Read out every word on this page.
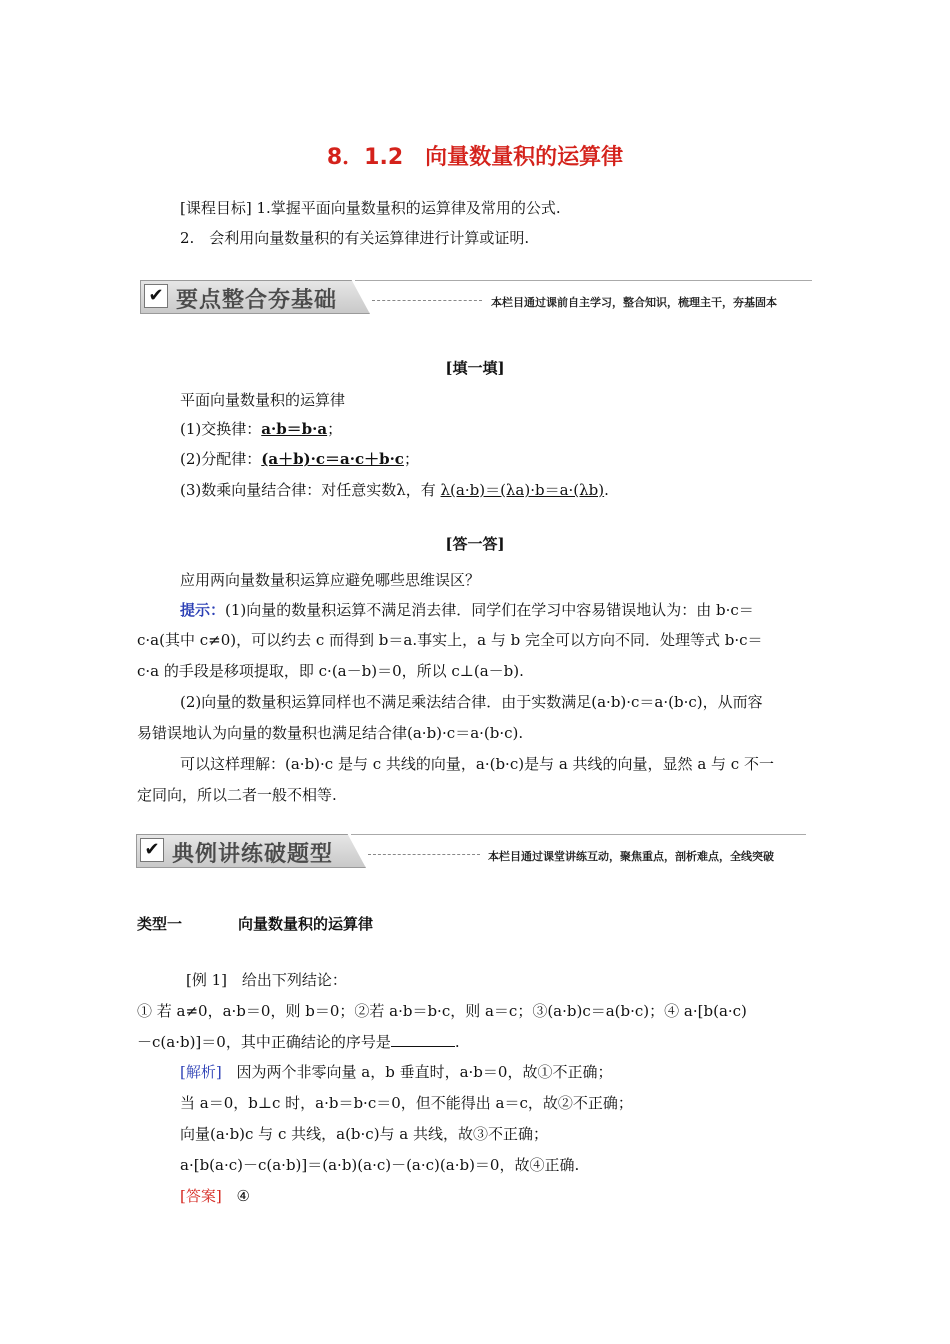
8．1.2　向量数量积的运算律
[课程目标] 1.掌握平面向量数量积的运算律及常用的公式.
2.　会利用向量数量积的有关运算律进行计算或证明.
✔ 要点整合夯基础	本栏目通过课前自主学习，整合知识，梳理主干，夯基固本
[填一填]
平面向量数量积的运算律
(1)交换律：a·b＝b·a；
(2)分配律：(a＋b)·c＝a·c＋b·c；
(3)数乘向量结合律：对任意实数λ，有 λ(a·b)＝(λa)·b＝a·(λb).
[答一答]
应用两向量数量积运算应避免哪些思维误区？
提示：(1)向量的数量积运算不满足消去律．同学们在学习中容易错误地认为：由 b·c＝
c·a(其中 c≠0)，可以约去 c 而得到 b＝a.事实上，a 与 b 完全可以方向不同．处理等式 b·c＝
c·a 的手段是移项提取，即 c·(a－b)＝0，所以 c⊥(a－b).
(2)向量的数量积运算同样也不满足乘法结合律．由于实数满足(a·b)·c＝a·(b·c)，从而容
易错误地认为向量的数量积也满足结合律(a·b)·c＝a·(b·c).
可以这样理解：(a·b)·c 是与 c 共线的向量，a·(b·c)是与 a 共线的向量，显然 a 与 c 不一
定同向，所以二者一般不相等.
✔ 典例讲练破题型	本栏目通过课堂讲练互动，聚焦重点，剖析难点，全线突破
类型一	向量数量积的运算律
[例 1] 给出下列结论：
① 若 a≠0，a·b＝0，则 b＝0；②若 a·b＝b·c，则 a＝c；③(a·b)c＝a(b·c)；④ a·[b(a·c)
－c(a·b)]＝0，其中正确结论的序号是	.
[解析] 因为两个非零向量 a，b 垂直时，a·b＝0，故①不正确；
当 a＝0，b⊥c 时，a·b＝b·c＝0，但不能得出 a＝c，故②不正确；
向量(a·b)c 与 c 共线，a(b·c)与 a 共线，故③不正确；
a·[b(a·c)－c(a·b)]＝(a·b)(a·c)－(a·c)(a·b)＝0，故④正确.
[答案] ④
